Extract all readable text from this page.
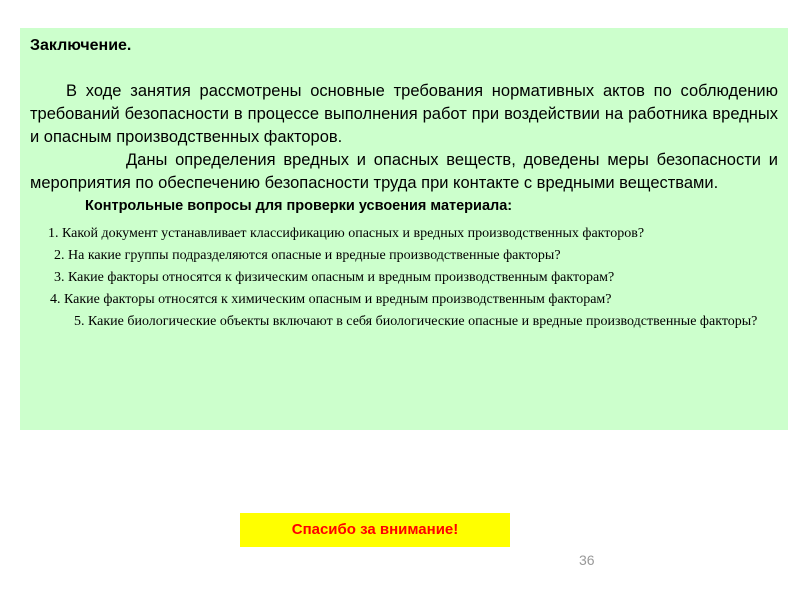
Заключение.

В ходе занятия рассмотрены основные требования нормативных актов по соблюдению требований безопасности в процессе выполнения работ при воздействии на работника вредных и опасным производственных факторов.

Даны определения вредных и опасных веществ, доведены меры безопасности и мероприятия по обеспечению безопасности труда при контакте с вредными веществами.

Контрольные вопросы для проверки усвоения материала:

1. Какой документ устанавливает классификацию опасных и вредных производственных факторов?

2. На какие группы подразделяются опасные и вредные производственные факторы?

3. Какие факторы относятся к физическим опасным и вредным производственным факторам?

4. Какие факторы относятся к химическим опасным и вредным производственным факторам?

5. Какие биологические объекты включают в себя биологические опасные и вредные производственные факторы?

Спасибо за внимание!
36
